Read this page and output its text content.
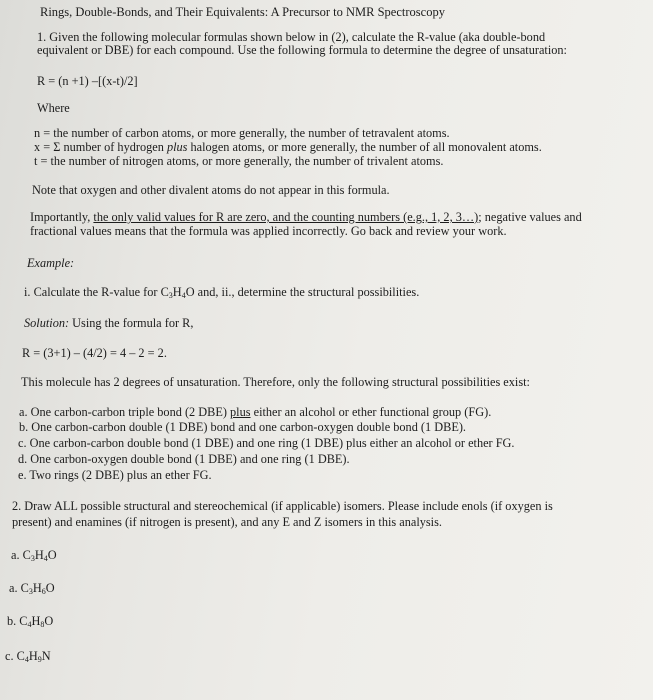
Rings, Double-Bonds, and Their Equivalents: A Precursor to NMR Spectroscopy
1. Given the following molecular formulas shown below in (2), calculate the R-value (aka double-bond
equivalent or DBE) for each compound. Use the following formula to determine the degree of unsaturation:
R = (n +1) –[(x-t)/2]
Where
n = the number of carbon atoms, or more generally, the number of tetravalent atoms.
x = Σ number of hydrogen plus halogen atoms, or more generally, the number of all monovalent atoms.
t = the number of nitrogen atoms, or more generally, the number of trivalent atoms.
Note that oxygen and other divalent atoms do not appear in this formula.
Importantly, the only valid values for R are zero, and the counting numbers (e.g., 1, 2, 3…); negative values and
fractional values means that the formula was applied incorrectly. Go back and review your work.
Example:
i. Calculate the R-value for $C_3H_4O$ and, ii., determine the structural possibilities.
Solution: Using the formula for R,
R = (3+1) – (4/2) = 4 – 2 = 2.
This molecule has 2 degrees of unsaturation. Therefore, only the following structural possibilities exist:
a. One carbon-carbon triple bond (2 DBE) plus either an alcohol or ether functional group (FG).
b. One carbon-carbon double (1 DBE) bond and one carbon-oxygen double bond (1 DBE).
c. One carbon-carbon double bond (1 DBE) and one ring (1 DBE) plus either an alcohol or ether FG.
d. One carbon-oxygen double bond (1 DBE) and one ring (1 DBE).
e. Two rings (2 DBE) plus an ether FG.
2. Draw ALL possible structural and stereochemical (if applicable) isomers. Please include enols (if oxygen is
present) and enamines (if nitrogen is present), and any E and Z isomers in this analysis.
a. $C_3H_4O$
a. $C_3H_6O$
b. $C_4H_8O$
c. $C_4H_9N$
